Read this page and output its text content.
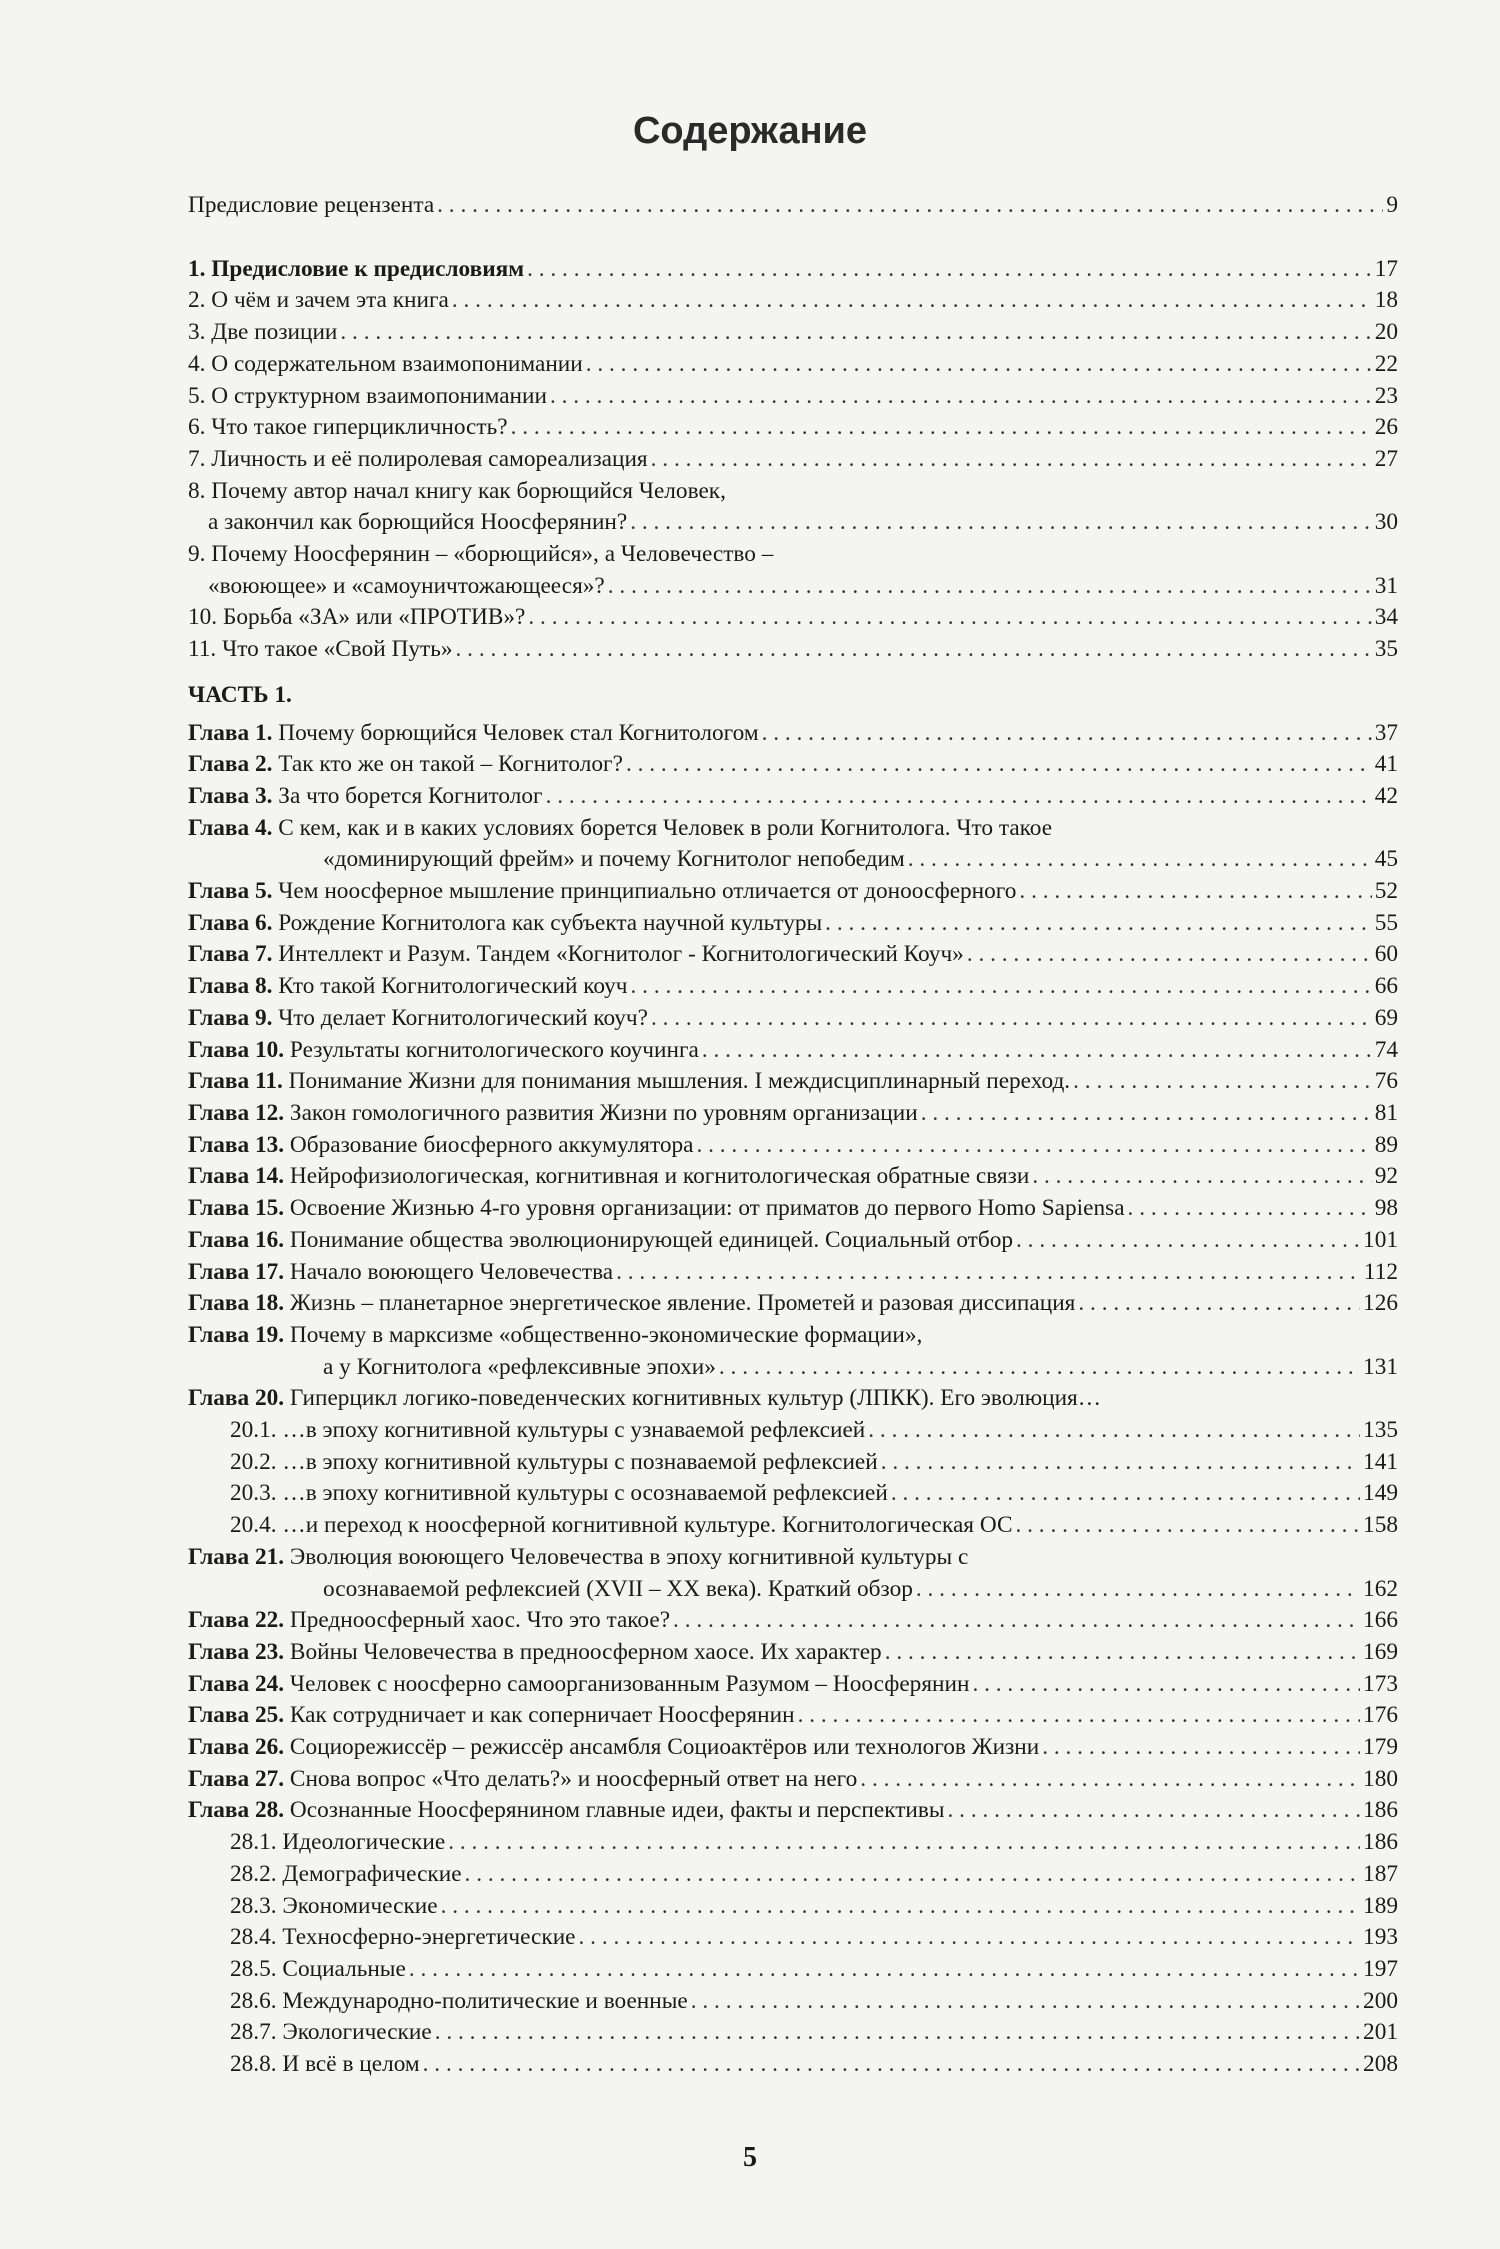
Содержание
Предисловие рецензента . . .	9
1. Предисловие к предисловиям . . .	17
2. О чём и зачем эта книга . . .	18
3. Две позиции . . .	20
4. О содержательном взаимопонимании . . .	22
5. О структурном взаимопонимании . . .	23
6. Что такое гиперцикличность? . . .	26
7. Личность и её полиролевая самореализация . . .	27
8. Почему автор начал книгу как борющийся Человек,
а закончил как борющийся Ноосферянин? . . .	30
9. Почему Ноосферянин – «борющийся», а Человечество –
«воюющее» и «самоуничтожающееся»? . . .	31
10. Борьба «ЗА» или «ПРОТИВ»? . . .	34
11. Что такое «Свой Путь» . . .	35
ЧАСТЬ 1.
Глава 1. Почему борющийся Человек стал Когнитологом . . .	37
Глава 2. Так кто же он такой – Когнитолог? . . .	41
Глава 3. За что борется Когнитолог . . .	42
Глава 4. С кем, как и в каких условиях борется Человек в роли Когнитолога. Что такое
«доминирующий фрейм» и почему Когнитолог непобедим . . .	45
Глава 5. Чем ноосферное мышление принципиально отличается от доноосферного . . .	52
Глава 6. Рождение Когнитолога как субъекта научной культуры . . .	55
Глава 7. Интеллект и Разум. Тандем «Когнитолог - Когнитологический Коуч» . . .	60
Глава 8. Кто такой Когнитологический коуч . . .	66
Глава 9. Что делает Когнитологический коуч? . . .	69
Глава 10. Результаты когнитологического коучинга . . .	74
Глава 11. Понимание Жизни для понимания мышления. I междисциплинарный переход. . . .	76
Глава 12. Закон гомологичного развития Жизни по уровням организации . . .	81
Глава 13. Образование биосферного аккумулятора . . .	89
Глава 14. Нейрофизиологическая, когнитивная и когнитологическая обратные связи . . .	92
Глава 15. Освоение Жизнью 4-го уровня организации: от приматов до первого Homo Sapiensa . . .	98
Глава 16. Понимание общества эволюционирующей единицей. Социальный отбор . . .	101
Глава 17. Начало воюющего Человечества . . .	112
Глава 18. Жизнь – планетарное энергетическое явление. Прометей и разовая диссипация . . .	126
Глава 19. Почему в марксизме «общественно-экономические формации»,
а у Когнитолога «рефлексивные эпохи» . . .	131
Глава 20. Гиперцикл логико-поведенческих когнитивных культур (ЛПКК). Его эволюция…
20.1. …в эпоху когнитивной культуры с узнаваемой рефлексией . . .	135
20.2. …в эпоху когнитивной культуры с познаваемой рефлексией . . .	141
20.3. …в эпоху когнитивной культуры с осознаваемой рефлексией . . .	149
20.4. …и переход к ноосферной когнитивной культуре. Когнитологическая ОС . . .	158
Глава 21. Эволюция воюющего Человечества в эпоху когнитивной культуры с
осознаваемой рефлексией (XVII – XX века). Краткий обзор . . .	162
Глава 22. Предноосферный хаос. Что это такое? . . .	166
Глава 23. Войны Человечества в предноосферном хаосе. Их характер . . .	169
Глава 24. Человек с ноосферно самоорганизованным Разумом – Ноосферянин . . .	173
Глава 25. Как сотрудничает и как соперничает Ноосферянин . . .	176
Глава 26. Социорежиссёр – режиссёр ансамбля Социоактёров или технологов Жизни . . .	179
Глава 27. Снова вопрос «Что делать?» и ноосферный ответ на него . . .	180
Глава 28. Осознанные Ноосферянином главные идеи, факты и перспективы . . .	186
28.1. Идеологические . . .	186
28.2. Демографические . . .	187
28.3. Экономические . . .	189
28.4. Техносферно-энергетические . . .	193
28.5. Социальные . . .	197
28.6. Международно-политические и военные . . .	200
28.7. Экологические . . .	201
28.8. И всё в целом . . .	208
5
